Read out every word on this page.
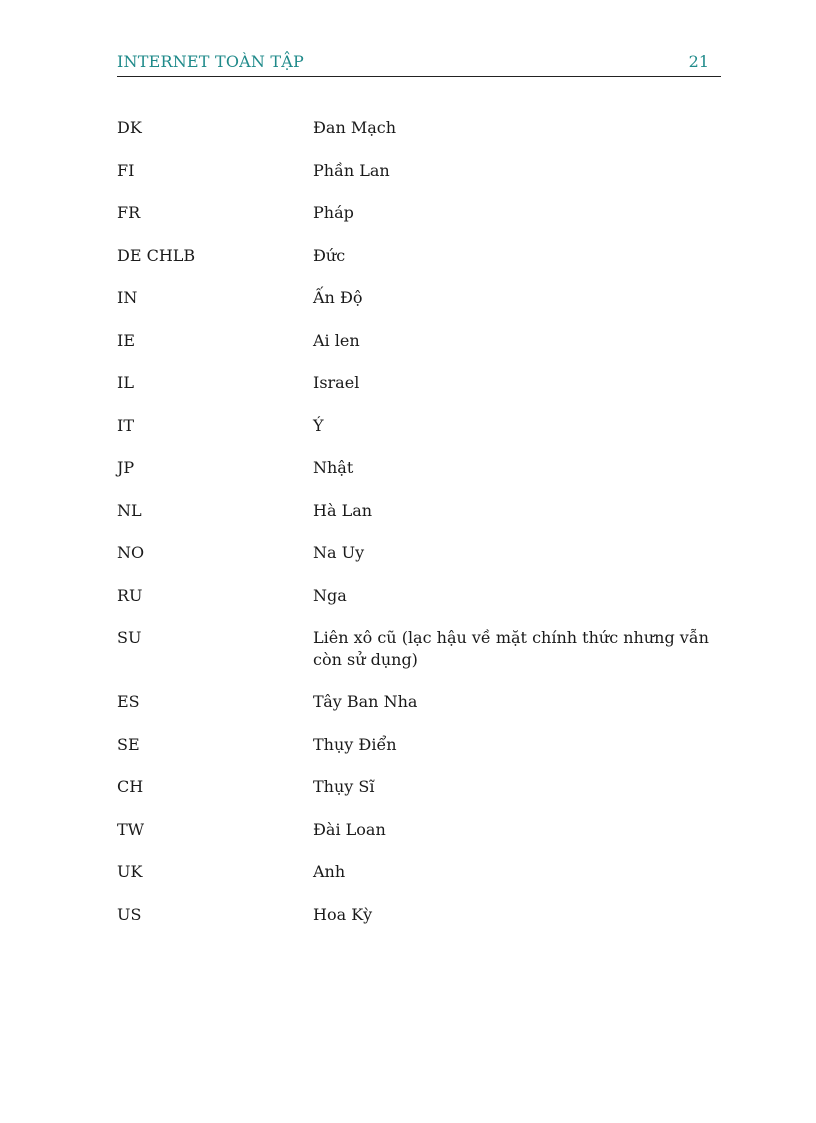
INTERNET TOÀN TẬP	21
DK	Đan Mạch
FI	Phần Lan
FR	Pháp
DE CHLB	Đức
IN	Ấn Độ
IE	Ai len
IL	Israel
IT	Ý
JP	Nhật
NL	Hà Lan
NO	Na Uy
RU	Nga
SU	Liên xô cũ (lạc hậu về mặt chính thức nhưng vẫn còn sử dụng)
ES	Tây Ban Nha
SE	Thụy Điển
CH	Thụy Sĩ
TW	Đài Loan
UK	Anh
US	Hoa Kỳ
